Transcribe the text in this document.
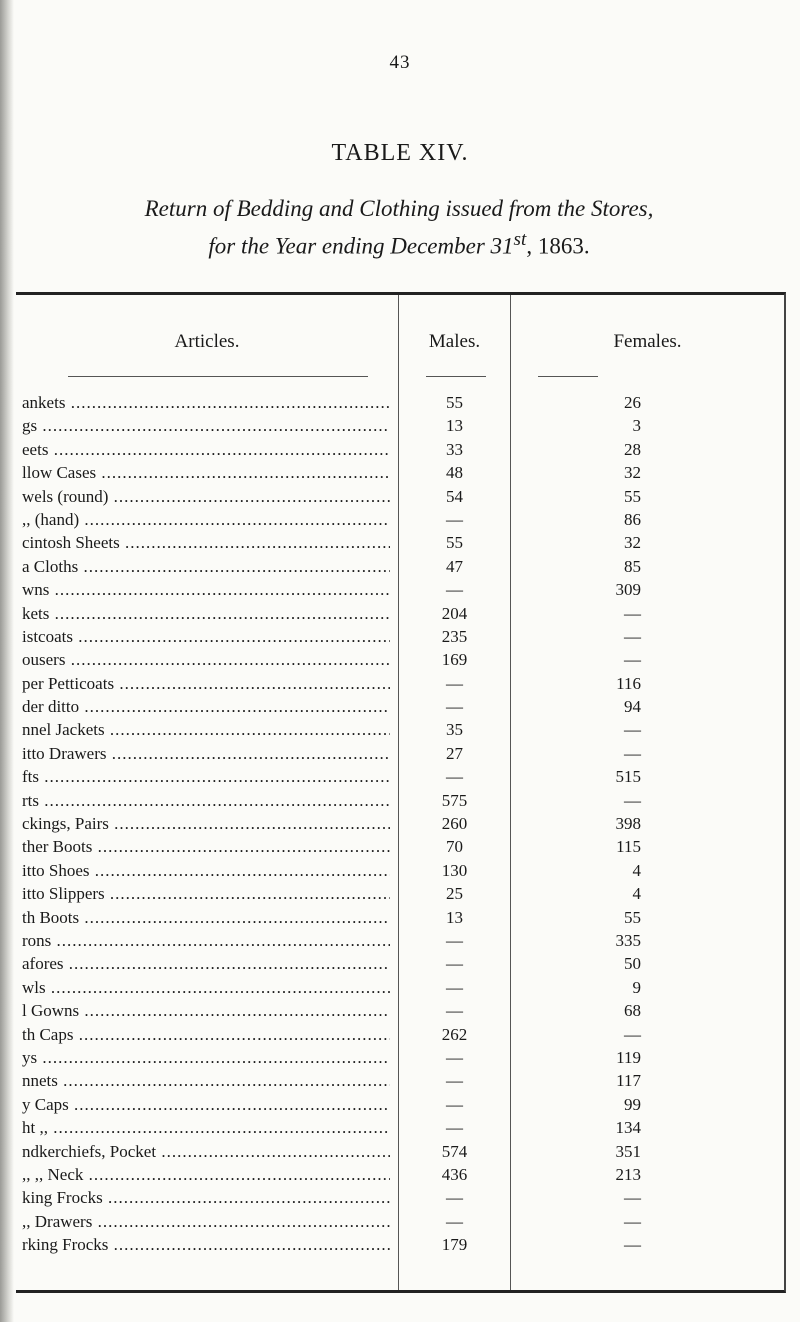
43
TABLE XIV.
Return of Bedding and Clothing issued from the Stores,
for the Year ending December 31st, 1863.
Articles.	Males.	Females.
ankets .....	55	26
gs .....	13	3
eets .....	33	28
llow Cases .....	48	32
wels (round) .....	54	55
,, (hand) .....	—	86
cintosh Sheets .....	55	32
a Cloths .....	47	85
wns .....	—	309
kets .....	204	—
istcoats .....	235	—
ousers .....	169	—
per Petticoats .....	—	116
der ditto .....	—	94
nnel Jackets .....	35	—
itto Drawers .....	27	—
fts .....	—	515
rts .....	575	—
ckings, Pairs .....	260	398
ther Boots .....	70	115
itto Shoes .....	130	4
itto Slippers .....	25	4
th Boots .....	13	55
rons .....	—	335
afores .....	—	50
wls .....	—	9
l Gowns .....	—	68
th Caps .....	262	—
ys .....	—	119
nnets .....	—	117
y Caps .....	—	99
ht ,, .....	—	134
ndkerchiefs, Pocket .....	574	351
,, ,, Neck .....	436	213
king Frocks .....	—	—
,, Drawers .....	—	—
rking Frocks .....	179	—
